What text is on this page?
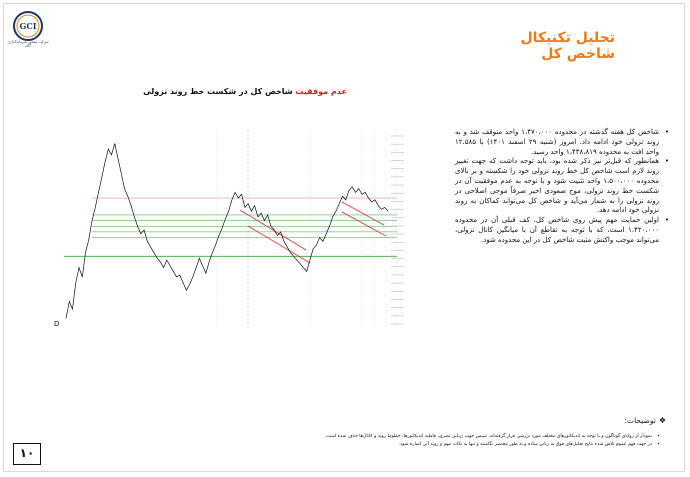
GCI
شرکت مشاور سرمایه‌گذاری
آگاه	تحلیل تکنیکال
شاخص کل
عدم موفقیت شاخص کل در شکست خط روند نزولی
D
•
شاخص کل هفته گذشته در محدوده ۱،۴۷۰،۰۰۰ واحد متوقف شد و به روند نزولی خود ادامه داد. امروز (شنبه ۲۹ اسفند ۱۴۰۱) با ۱۲،۵۸۵ واحد افت به محدوده ۱،۴۳۸،۸۱۹ واحد رسید.
•
همانطور که قبل‌تر نیز ذکر شده بود، باید توجه داشت که جهت تغییر روند لازم است شاخص کل خط روند نزولی خود را شکسته و بر بالای محدوده ۱،۵۰۰،۰۰۰ واحد تثبیت شود و با توجه به عدم موفقیت آن در شکست خط روند نزولی، موج صعودی اخیر صرفاً موجی اصلاحی در روند نزولی را به شمار می‌آید و شاخص کل می‌تواند کماکان به روند نزولی خود ادامه دهد.
•
اولین حمایت مهم پیش روی شاخص کل، کف قبلی آن در محدوده ۱،۴۲۰،۰۰۰ است، که با توجه به تقاطع آن با میانگین کانال نزولی، می‌تواند موجب واکنش مثبت شاخص کل در این محدوده شود.
❖توضیحات:
•
نمودار از زوایای گوناگون و با توجه به اندیکاتورهای مختلف مورد بررسی قرار گرفته‌اند. سپس جهت زیبایی بصری، قاطبه اندیکاتورها، خطوط روند و کانال‌ها حذف شده است.
•
در جهت فهم عموم تلاش شده نتایج تحلیل‌های فوق به زبانی ساده و به طور مختصر نگاشته و تنها به نکات مهم و روند آتی اشاره شود.
۱۰
